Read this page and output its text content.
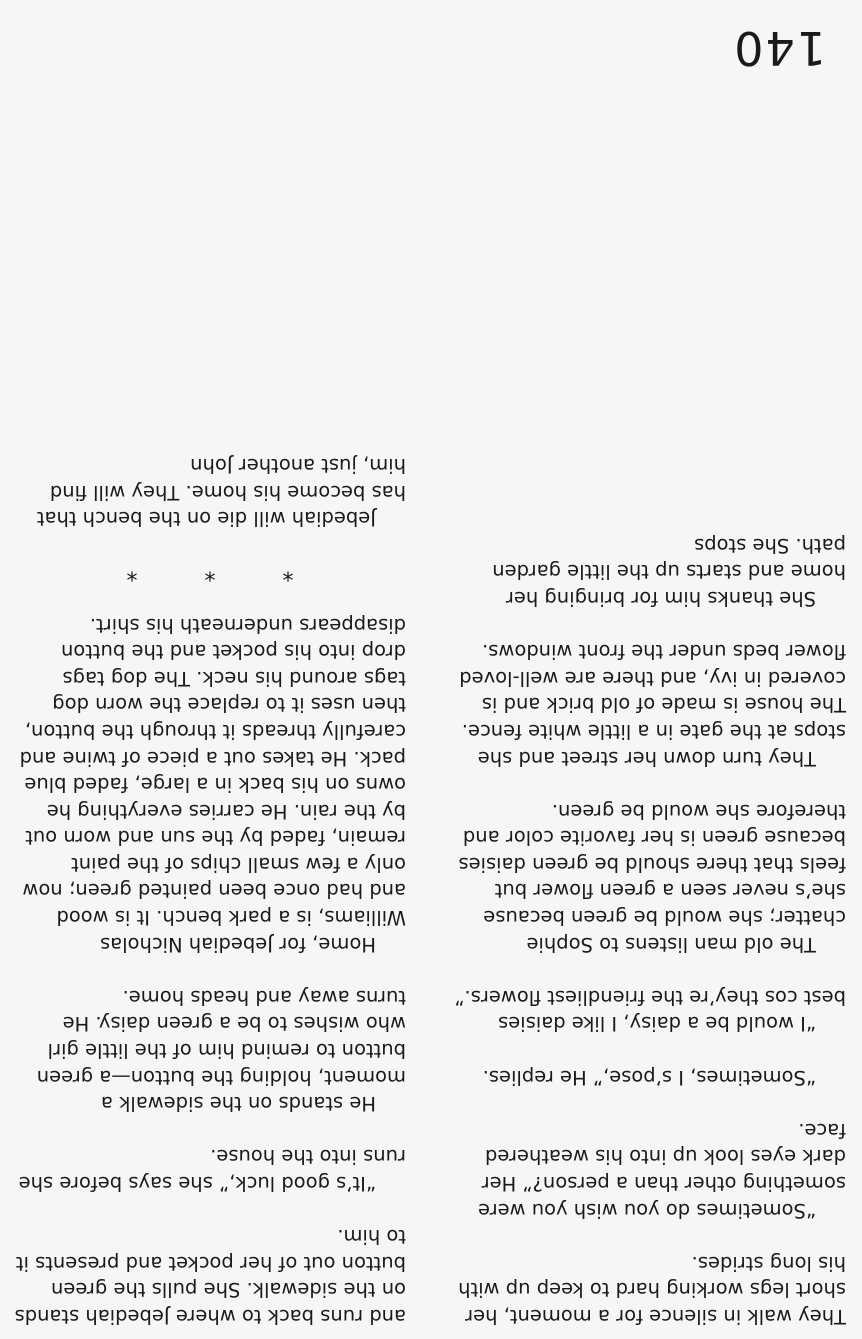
They walk in silence for a moment, her short legs working hard to keep up with his long strides.

“Sometimes do you wish you were something other than a person?” Her dark eyes look up into his weathered face.

“Sometimes, I s’pose,” He replies.

“I would be a daisy, I like daisies best cos they’re the friendliest flowers.”

The old man listens to Sophie chatter; she would be green because she’s never seen a green flower but feels that there should be green daisies because green is her favorite color and therefore she would be green.

They turn down her street and she stops at the gate in a little white fence. The house is made of old brick and is covered in ivy, and there are well-loved flower beds under the front windows.

She thanks him for bringing her home and starts up the little garden path. She stops

and runs back to where Jebediah stands on the sidewalk. She pulls the green button out of her pocket and presents it to him.

“It’s good luck,” she says before she runs into the house.

He stands on the sidewalk a moment, holding the button—a green button to remind him of the little girl who wishes to be a green daisy. He turns away and heads home.

Home, for Jebediah Nicholas Williams, is a park bench. It is wood and had once been painted green; now only a few small chips of the paint remain, faded by the sun and worn out by the rain. He carries everything he owns on his back in a large, faded blue pack. He takes out a piece of twine and carefully threads it through the button, then uses it to replace the worn dog tags around his neck. The dog tags drop into his pocket and the button disappears underneath his shirt.

* * *

Jebediah will die on the bench that has become his home. They will find him, just another John

140
